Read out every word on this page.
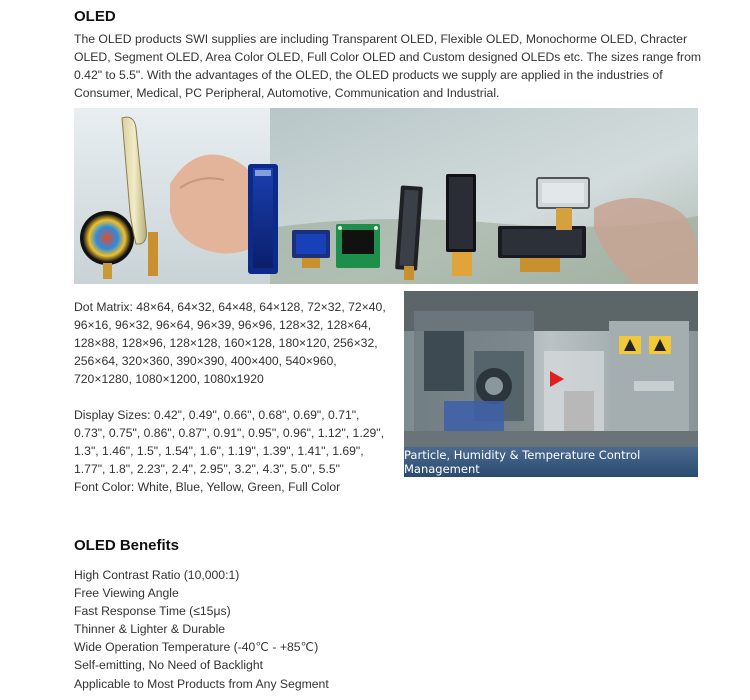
OLED
The OLED products SWI supplies are including Transparent OLED, Flexible OLED, Monochorme OLED, Chracter OLED, Segment OLED, Area Color OLED, Full Color OLED and Custom designed OLEDs etc. The sizes range from 0.42" to 5.5". With the advantages of the OLED, the OLED products we supply are applied in the industries of Consumer, Medical, PC Peripheral, Automotive, Communication and Industrial.

Dot Matrix: 48×64, 64×32, 64×48, 64×128, 72×32, 72×40, 96×16, 96×32, 96×64, 96×39, 96×96, 128×32, 128×64, 128×88, 128×96, 128×128, 160×128, 180×120, 256×32, 256×64, 320×360, 390×390, 400×400, 540×960, 720×1280, 1080×1200, 1080x1920

Display Sizes: 0.42", 0.49", 0.66", 0.68", 0.69", 0.71", 0.73", 0.75", 0.86", 0.87", 0.91", 0.95", 0.96", 1.12", 1.29", 1.3", 1.46", 1.5", 1.54", 1.6", 1.19", 1.39", 1.41", 1.69", 1.77", 1.8", 2.23", 2.4", 2.95", 3.2", 4.3", 5.0", 5.5"

Font Color: White, Blue, Yellow, Green, Full Color

Particle, Humidity & Temperature Control Management
OLED Benefits
High Contrast Ratio (10,000:1)
Free Viewing Angle
Fast Response Time (≤15μs)
Thinner & Lighter & Durable
Wide Operation Temperature (-40℃ - +85℃)
Self-emitting, No Need of Backlight
Applicable to Most Products from Any Segment
